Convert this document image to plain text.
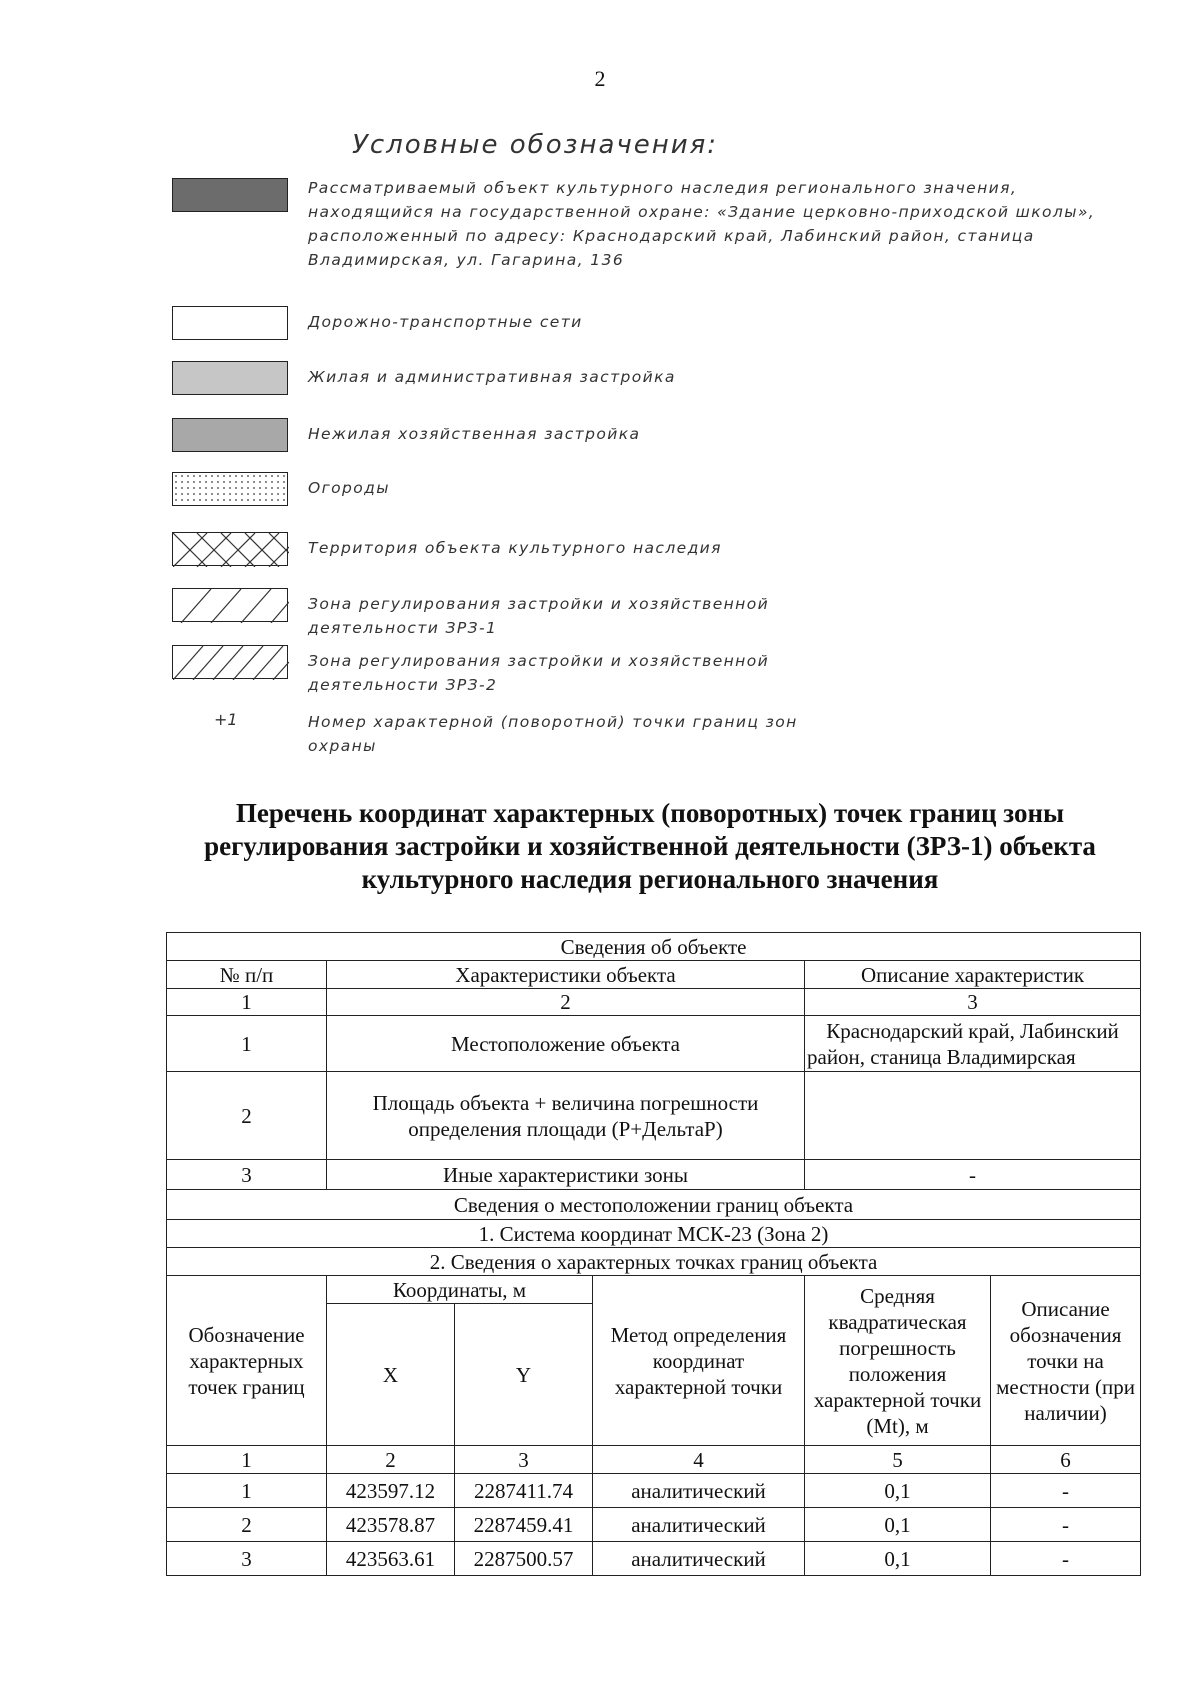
2
Условные обозначения:
Рассматриваемый объект культурного наследия регионального значения, находящийся на государственной охране: «Здание церковно-приходской школы», расположенный по адресу: Краснодарский край, Лабинский район, станица Владимирская, ул. Гагарина, 136
Дорожно-транспортные сети
Жилая и административная застройка
Нежилая хозяйственная застройка
Огороды
Территория объекта культурного наследия
Зона регулирования застройки и хозяйственной деятельности ЗРЗ-1
Зона регулирования застройки и хозяйственной деятельности ЗРЗ-2
+1	Номер характерной (поворотной) точки границ зон охраны
Перечень координат характерных (поворотных) точек границ зоны регулирования застройки и хозяйственной деятельности (ЗРЗ-1) объекта культурного наследия регионального значения
Сведения об объекте					
№ п/п	Характеристики объекта			Описание характеристик	
1	2			3	
1	Местоположение объекта			Краснодарский край, Лабинский район, станица Владимирская	
2	Площадь объекта + величина погрешности определения площади (P+ДельтаР)				
3	Иные характеристики зоны			-	
Сведения о местоположении границ объекта					
1. Система координат МСК-23 (Зона 2)					
2. Сведения о характерных точках границ объекта					
Обозначение характерных точек границ	Координаты, м		Метод определения координат характерной точки	Средняя квадратическая погрешность положения характерной точки (Mt), м	Описание обозначения точки на местности (при наличии)
	X	Y			
1	2	3	4	5	6
1	423597.12	2287411.74	аналитический	0,1	-
2	423578.87	2287459.41	аналитический	0,1	-
3	423563.61	2287500.57	аналитический	0,1	-
